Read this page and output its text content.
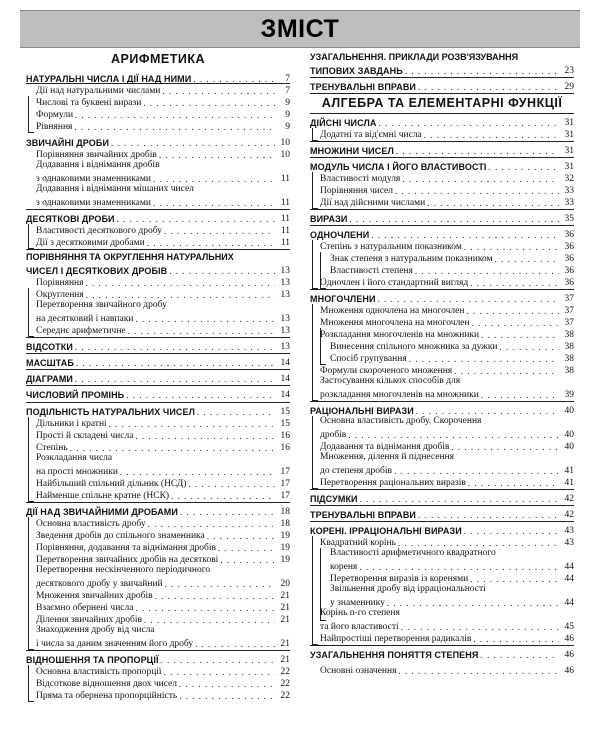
ЗМІСТ
АРИФМЕТИКА
НАТУРАЛЬНІ ЧИСЛА І ДІЇ НАД НИМИ . . .	7
Дії над натуральними числами . . .	7
Числові та буквені вирази . . .	9
Формули . . .	9
Рівняння . . .	9
ЗВИЧАЙНІ ДРОБИ . . .	10
Порівняння звичайних дробів . . .	10
Додавання і віднімання дробів
з однаковими знаменниками . . .	11
Додавання і віднімання мішаних чисел
з однаковими знаменниками . . .	11
ДЕСЯТКОВІ ДРОБИ . . .	11
Властивості десяткового дробу . . .	11
Дії з десятковими дробами . . .	11
ПОРІВНЯННЯ ТА ОКРУГЛЕННЯ НАТУРАЛЬНИХ
ЧИСЕЛ І ДЕСЯТКОВИХ ДРОБІВ . . .	13
Порівняння . . .	13
Округлення . . .	13
Перетворення звичайного дробу
на десятковий і навпаки . . .	13
Середнє арифметичне . . .	13
ВІДСОТКИ . . .	13
МАСШТАБ . . .	14
ДІАГРАМИ . . .	14
ЧИСЛОВИЙ ПРОМІНЬ . . .	14
ПОДІЛЬНІСТЬ НАТУРАЛЬНИХ ЧИСЕЛ . . .	15
Дільники і кратні . . .	15
Прості й складені числа . . .	16
Степінь . . .	16
Розкладання числа
на прості множники . . .	17
Найбільший спільний дільник (НСД) . . .	17
Найменше спільне кратне (НСК) . . .	17
ДІЇ НАД ЗВИЧАЙНИМИ ДРОБАМИ . . .	18
Основна властивість дробу . . .	18
Зведення дробів до спільного знаменника . . .	19
Порівняння, додавання та віднімання дробів . . .	19
Перетворення звичайних дробів на десяткові . . .	19
Перетворення нескінченного періодичного
десяткового дробу у звичайний . . .	20
Множення звичайних дробів . . .	21
Взаємно обернені числа . . .	21
Ділення звичайних дробів . . .	21
Знаходження дробу від числа
і числа за даним значенням його дробу . . .	21
ВІДНОШЕННЯ ТА ПРОПОРЦІЇ . . .	21
Основна властивість пропорції . . .	22
Відсоткове відношення двох чисел . . .	22
Пряма та обернена пропорційність . . .	22
УЗАГАЛЬНЕННЯ. ПРИКЛАДИ РОЗВ'ЯЗУВАННЯ
ТИПОВИХ ЗАВДАНЬ . . .	23
ТРЕНУВАЛЬНІ ВПРАВИ . . .	29
АЛГЕБРА ТА ЕЛЕМЕНТАРНІ ФУНКЦІЇ
ДІЙСНІ ЧИСЛА . . .	31
Додатні та від'ємні числа . . .	31
МНОЖИНИ ЧИСЕЛ . . .	31
МОДУЛЬ ЧИСЛА І ЙОГО ВЛАСТИВОСТІ . . .	31
Властивості модуля . . .	32
Порівняння чисел . . .	33
Дії над дійсними числами . . .	33
ВИРАЗИ . . .	35
ОДНОЧЛЕНИ . . .	36
Степінь з натуральним показником . . .	36
Знак степеня з натуральним показником . . .	36
Властивості степеня . . .	36
Одночлен і його стандартний вигляд . . .	36
МНОГОЧЛЕНИ . . .	37
Множення одночлена на многочлен . . .	37
Множення многочлена на многочлен . . .	37
Розкладання многочленів на множники . . .	38
Винесення спільного множника за дужки . . .	38
Спосіб групування . . .	38
Формули скороченого множення . . .	38
Застосування кількох способів для
розкладання многочленів на множники . . .	39
РАЦІОНАЛЬНІ ВИРАЗИ . . .	40
Основна властивість дробу. Скорочення
дробів . . .	40
Додавання та віднімання дробів . . .	40
Множення, ділення й піднесення
до степеня дробів . . .	41
Перетворення раціональних виразів . . .	41
ПІДСУМКИ . . .	42
ТРЕНУВАЛЬНІ ВПРАВИ . . .	42
КОРЕНІ. ІРРАЦІОНАЛЬНІ ВИРАЗИ . . .	43
Квадратний корінь . . .	43
Властивості арифметичного квадратного
кореня . . .	44
Перетворення виразів із коренями . . .	44
Звільнення дробу від ірраціональності
у знаменнику . . .	44
Корінь n-го степеня
та його властивості . . .	45
Найпростіші перетворення радикалів . . .	46
УЗАГАЛЬНЕННЯ ПОНЯТТЯ СТЕПЕНЯ . . .	46
Основні означення . . .	46
